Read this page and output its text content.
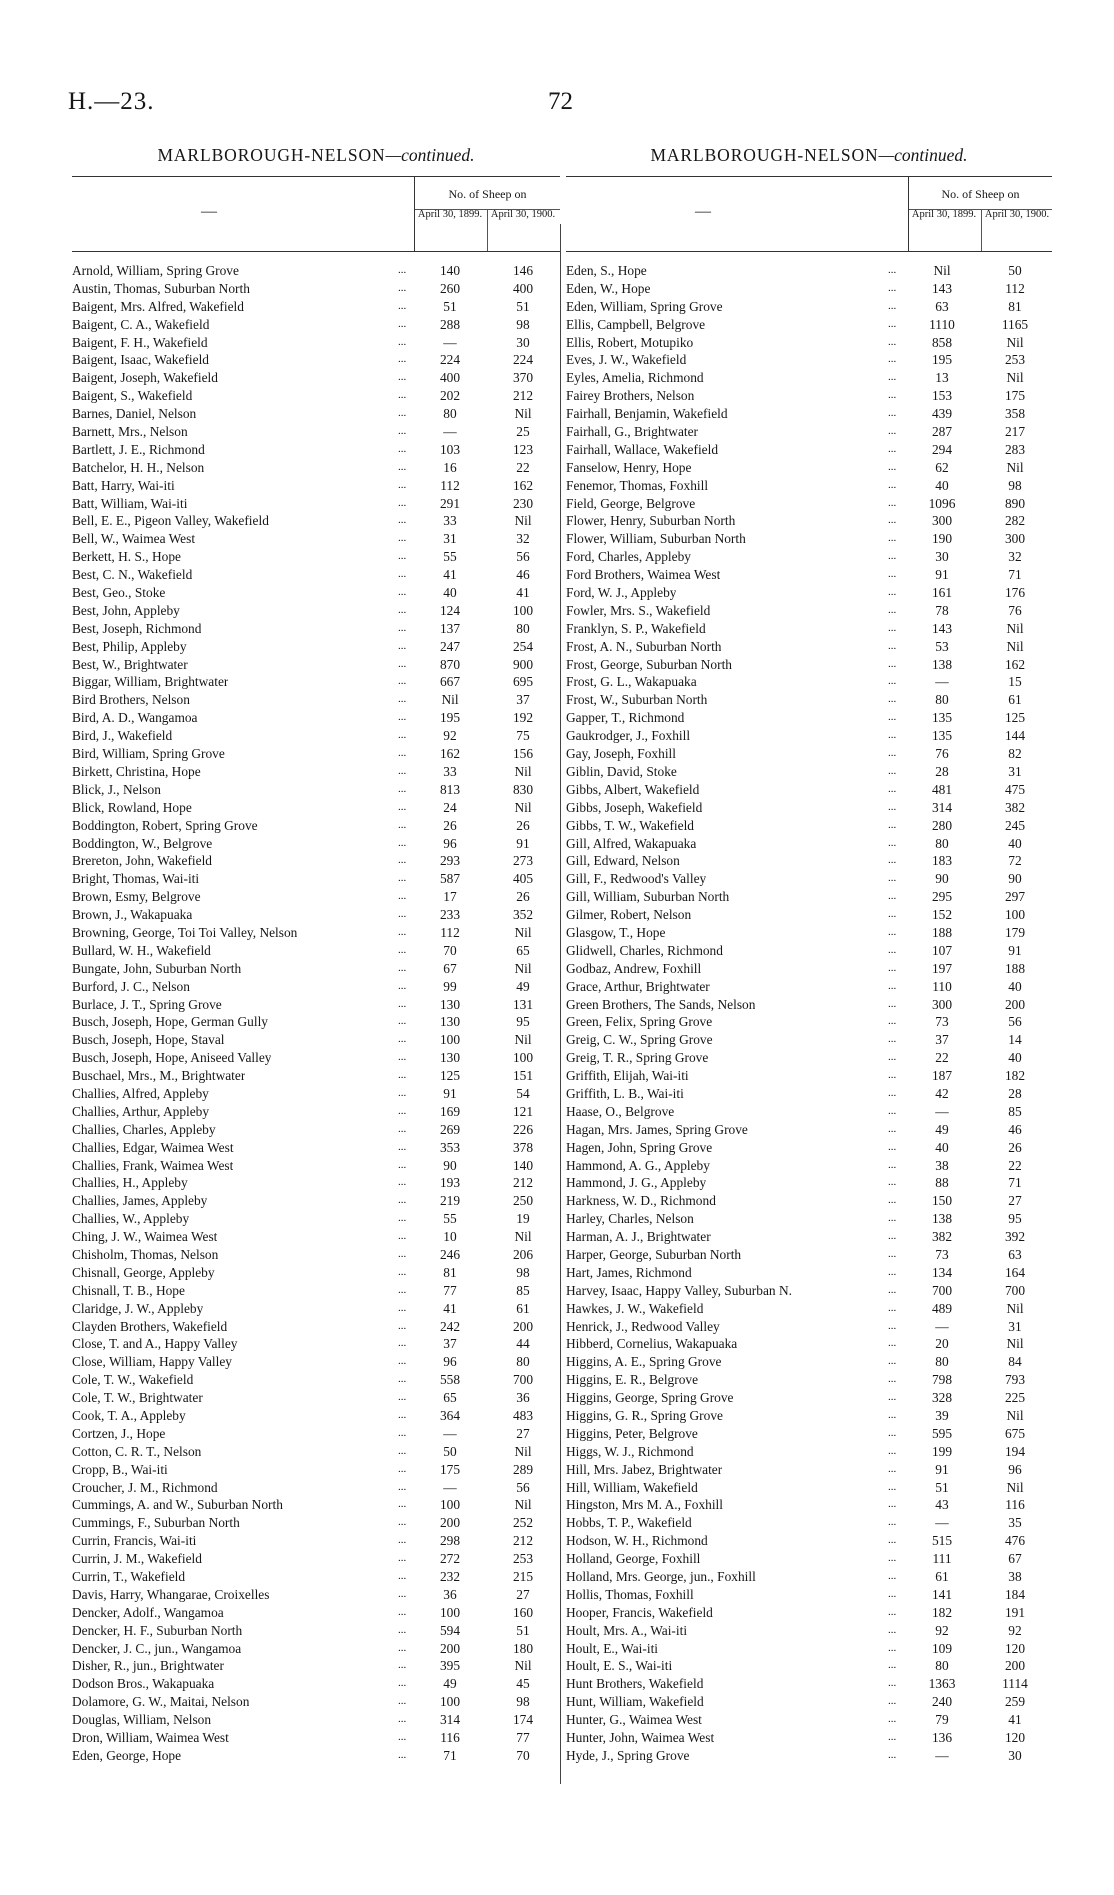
H.—23.	72
MARLBOROUGH-NELSON—continued.
—
No. of Sheep on
April 30, 1899. April 30, 1900.
Arnold, William, Spring Grove	...	140	146
Austin, Thomas, Suburban North	...	260	400
Baigent, Mrs. Alfred, Wakefield	...	51	51
Baigent, C. A., Wakefield	...	288	98
Baigent, F. H., Wakefield	...	—	30
Baigent, Isaac, Wakefield	...	224	224
Baigent, Joseph, Wakefield	...	400	370
Baigent, S., Wakefield	...	202	212
Barnes, Daniel, Nelson	...	80	Nil
Barnett, Mrs., Nelson	...	—	25
Bartlett, J. E., Richmond	...	103	123
Batchelor, H. H., Nelson	...	16	22
Batt, Harry, Wai-iti	...	112	162
Batt, William, Wai-iti	...	291	230
Bell, E. E., Pigeon Valley, Wakefield	...	33	Nil
Bell, W., Waimea West	...	31	32
Berkett, H. S., Hope	...	55	56
Best, C. N., Wakefield	...	41	46
Best, Geo., Stoke	...	40	41
Best, John, Appleby	...	124	100
Best, Joseph, Richmond	...	137	80
Best, Philip, Appleby	...	247	254
Best, W., Brightwater	...	870	900
Biggar, William, Brightwater	...	667	695
Bird Brothers, Nelson	...	Nil	37
Bird, A. D., Wangamoa	...	195	192
Bird, J., Wakefield	...	92	75
Bird, William, Spring Grove	...	162	156
Birkett, Christina, Hope	...	33	Nil
Blick, J., Nelson	...	813	830
Blick, Rowland, Hope	...	24	Nil
Boddington, Robert, Spring Grove	...	26	26
Boddington, W., Belgrove	...	96	91
Brereton, John, Wakefield	...	293	273
Bright, Thomas, Wai-iti	...	587	405
Brown, Esmy, Belgrove	...	17	26
Brown, J., Wakapuaka	...	233	352
Browning, George, Toi Toi Valley, Nelson	...	112	Nil
Bullard, W. H., Wakefield	...	70	65
Bungate, John, Suburban North	...	67	Nil
Burford, J. C., Nelson	...	99	49
Burlace, J. T., Spring Grove	...	130	131
Busch, Joseph, Hope, German Gully	...	130	95
Busch, Joseph, Hope, Staval	...	100	Nil
Busch, Joseph, Hope, Aniseed Valley	...	130	100
Buschael, Mrs., M., Brightwater	...	125	151
Challies, Alfred, Appleby	...	91	54
Challies, Arthur, Appleby	...	169	121
Challies, Charles, Appleby	...	269	226
Challies, Edgar, Waimea West	...	353	378
Challies, Frank, Waimea West	...	90	140
Challies, H., Appleby	...	193	212
Challies, James, Appleby	...	219	250
Challies, W., Appleby	...	55	19
Ching, J. W., Waimea West	...	10	Nil
Chisholm, Thomas, Nelson	...	246	206
Chisnall, George, Appleby	...	81	98
Chisnall, T. B., Hope	...	77	85
Claridge, J. W., Appleby	...	41	61
Clayden Brothers, Wakefield	...	242	200
Close, T. and A., Happy Valley	...	37	44
Close, William, Happy Valley	...	96	80
Cole, T. W., Wakefield	...	558	700
Cole, T. W., Brightwater	...	65	36
Cook, T. A., Appleby	...	364	483
Cortzen, J., Hope	...	—	27
Cotton, C. R. T., Nelson	...	50	Nil
Cropp, B., Wai-iti	...	175	289
Croucher, J. M., Richmond	...	—	56
Cummings, A. and W., Suburban North	...	100	Nil
Cummings, F., Suburban North	...	200	252
Currin, Francis, Wai-iti	...	298	212
Currin, J. M., Wakefield	...	272	253
Currin, T., Wakefield	...	232	215
Davis, Harry, Whangarae, Croixelles	...	36	27
Dencker, Adolf., Wangamoa	...	100	160
Dencker, H. F., Suburban North	...	594	51
Dencker, J. C., jun., Wangamoa	...	200	180
Disher, R., jun., Brightwater	...	395	Nil
Dodson Bros., Wakapuaka	...	49	45
Dolamore, G. W., Maitai, Nelson	...	100	98
Douglas, William, Nelson	...	314	174
Dron, William, Waimea West	...	116	77
Eden, George, Hope	...	71	70
MARLBOROUGH-NELSON—continued.
—
No. of Sheep on
April 30, 1899. April 30, 1900.
Eden, S., Hope	...	Nil	50
Eden, W., Hope	...	143	112
Eden, William, Spring Grove	...	63	81
Ellis, Campbell, Belgrove	...	1110	1165
Ellis, Robert, Motupiko	...	858	Nil
Eves, J. W., Wakefield	...	195	253
Eyles, Amelia, Richmond	...	13	Nil
Fairey Brothers, Nelson	...	153	175
Fairhall, Benjamin, Wakefield	...	439	358
Fairhall, G., Brightwater	...	287	217
Fairhall, Wallace, Wakefield	...	294	283
Fanselow, Henry, Hope	...	62	Nil
Fenemor, Thomas, Foxhill	...	40	98
Field, George, Belgrove	...	1096	890
Flower, Henry, Suburban North	...	300	282
Flower, William, Suburban North	...	190	300
Ford, Charles, Appleby	...	30	32
Ford Brothers, Waimea West	...	91	71
Ford, W. J., Appleby	...	161	176
Fowler, Mrs. S., Wakefield	...	78	76
Franklyn, S. P., Wakefield	...	143	Nil
Frost, A. N., Suburban North	...	53	Nil
Frost, George, Suburban North	...	138	162
Frost, G. L., Wakapuaka	...	—	15
Frost, W., Suburban North	...	80	61
Gapper, T., Richmond	...	135	125
Gaukrodger, J., Foxhill	...	135	144
Gay, Joseph, Foxhill	...	76	82
Giblin, David, Stoke	...	28	31
Gibbs, Albert, Wakefield	...	481	475
Gibbs, Joseph, Wakefield	...	314	382
Gibbs, T. W., Wakefield	...	280	245
Gill, Alfred, Wakapuaka	...	80	40
Gill, Edward, Nelson	...	183	72
Gill, F., Redwood's Valley	...	90	90
Gill, William, Suburban North	...	295	297
Gilmer, Robert, Nelson	...	152	100
Glasgow, T., Hope	...	188	179
Glidwell, Charles, Richmond	...	107	91
Godbaz, Andrew, Foxhill	...	197	188
Grace, Arthur, Brightwater	...	110	40
Green Brothers, The Sands, Nelson	...	300	200
Green, Felix, Spring Grove	...	73	56
Greig, C. W., Spring Grove	...	37	14
Greig, T. R., Spring Grove	...	22	40
Griffith, Elijah, Wai-iti	...	187	182
Griffith, L. B., Wai-iti	...	42	28
Haase, O., Belgrove	...	—	85
Hagan, Mrs. James, Spring Grove	...	49	46
Hagen, John, Spring Grove	...	40	26
Hammond, A. G., Appleby	...	38	22
Hammond, J. G., Appleby	...	88	71
Harkness, W. D., Richmond	...	150	27
Harley, Charles, Nelson	...	138	95
Harman, A. J., Brightwater	...	382	392
Harper, George, Suburban North	...	73	63
Hart, James, Richmond	...	134	164
Harvey, Isaac, Happy Valley, Suburban N.	...	700	700
Hawkes, J. W., Wakefield	...	489	Nil
Henrick, J., Redwood Valley	...	—	31
Hibberd, Cornelius, Wakapuaka	...	20	Nil
Higgins, A. E., Spring Grove	...	80	84
Higgins, E. R., Belgrove	...	798	793
Higgins, George, Spring Grove	...	328	225
Higgins, G. R., Spring Grove	...	39	Nil
Higgins, Peter, Belgrove	...	595	675
Higgs, W. J., Richmond	...	199	194
Hill, Mrs. Jabez, Brightwater	...	91	96
Hill, William, Wakefield	...	51	Nil
Hingston, Mrs M. A., Foxhill	...	43	116
Hobbs, T. P., Wakefield	...	—	35
Hodson, W. H., Richmond	...	515	476
Holland, George, Foxhill	...	111	67
Holland, Mrs. George, jun., Foxhill	...	61	38
Hollis, Thomas, Foxhill	...	141	184
Hooper, Francis, Wakefield	...	182	191
Hoult, Mrs. A., Wai-iti	...	92	92
Hoult, E., Wai-iti	...	109	120
Hoult, E. S., Wai-iti	...	80	200
Hunt Brothers, Wakefield	...	1363	1114
Hunt, William, Wakefield	...	240	259
Hunter, G., Waimea West	...	79	41
Hunter, John, Waimea West	...	136	120
Hyde, J., Spring Grove	...	—	30
